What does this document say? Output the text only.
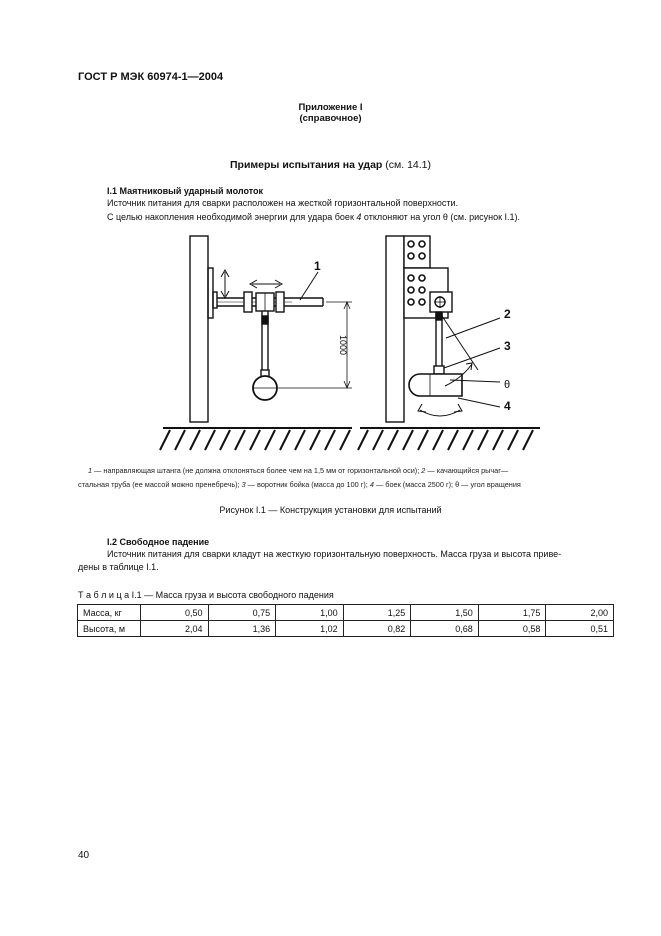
ГОСТ Р МЭК 60974-1—2004
Приложение I
(справочное)
Примеры испытания на удар (см. 14.1)
I.1 Маятниковый ударный молоток
Источник питания для сварки расположен на жесткой горизонтальной поверхности.
С целью накопления необходимой энергии для удара боек 4 отклоняют на угол θ (см. рисунок I.1).
1000
1
2
3
θ
4
1 — направляющая штанга (не должна отклоняться более чем на 1,5 мм от горизонтальной оси); 2 — качающийся рычаг—
стальная труба (ее массой можно пренебречь); 3 — воротник бойка (масса до 100 г); 4 — боек (масса 2500 г); θ — угол вращения
Рисунок I.1 — Конструкция установки для испытаний
I.2 Свободное падение
Источник питания для сварки кладут на жесткую горизонтальную поверхность. Масса груза и высота приве-
дены в таблице I.1.
Т а б л и ц а I.1 — Масса груза и высота свободного падения
Масса, кг	0,50	0,75	1,00	1,25	1,50	1,75	2,00
Высота, м	2,04	1,36	1,02	0,82	0,68	0,58	0,51
40
